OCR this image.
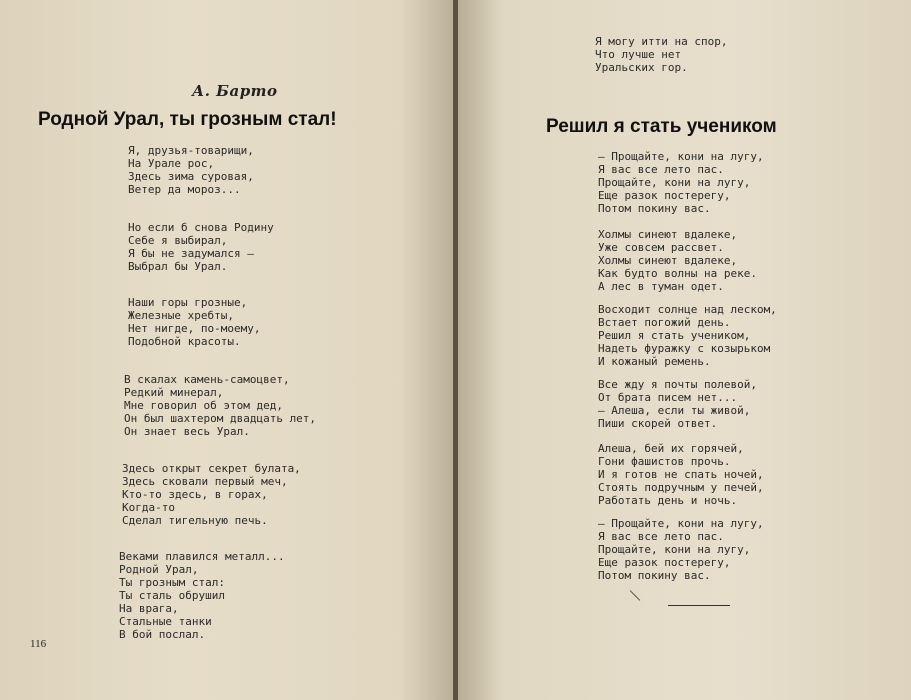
А. Барто
Родной Урал, ты грозным стал!
Я, друзья-товарищи,
На Урале рос,
Здесь зима суровая,
Ветер да мороз...
Но если б снова Родину
Себе я выбирал,
Я бы не задумался —
Выбрал бы Урал.
Наши горы грозные,
Железные хребты,
Нет нигде, по-моему,
Подобной красоты.
В скалах камень-самоцвет,
Редкий минерал,
Мне говорил об этом дед,
Он был шахтером двадцать лет,
Он знает весь Урал.
Здесь открыт секрет булата,
Здесь сковали первый меч,
Кто-то здесь, в горах,
Когда-то
Сделал тигельную печь.
Веками плавился металл...
Родной Урал,
Ты грозным стал:
Ты сталь обрушил
На врага,
Стальные танки
В бой послал.
116
Я могу итти на спор,
Что лучше нет
Уральских гор.
Решил я стать учеником
— Прощайте, кони на лугу,
Я вас все лето пас.
Прощайте, кони на лугу,
Еще разок постерегу,
Потом покину вас.
Холмы синеют вдалеке,
Уже совсем рассвет.
Холмы синеют вдалеке,
Как будто волны на реке.
А лес в туман одет.
Восходит солнце над леском,
Встает погожий день.
Решил я стать учеником,
Надеть фуражку с козырьком
И кожаный ремень.
Все жду я почты полевой,
От брата писем нет...
— Алеша, если ты живой,
Пиши скорей ответ.
Алеша, бей их горячей,
Гони фашистов прочь.
И я готов не спать ночей,
Стоять подручным у печей,
Работать день и ночь.
— Прощайте, кони на лугу,
Я вас все лето пас.
Прощайте, кони на лугу,
Еще разок постерегу,
Потом покину вас.
